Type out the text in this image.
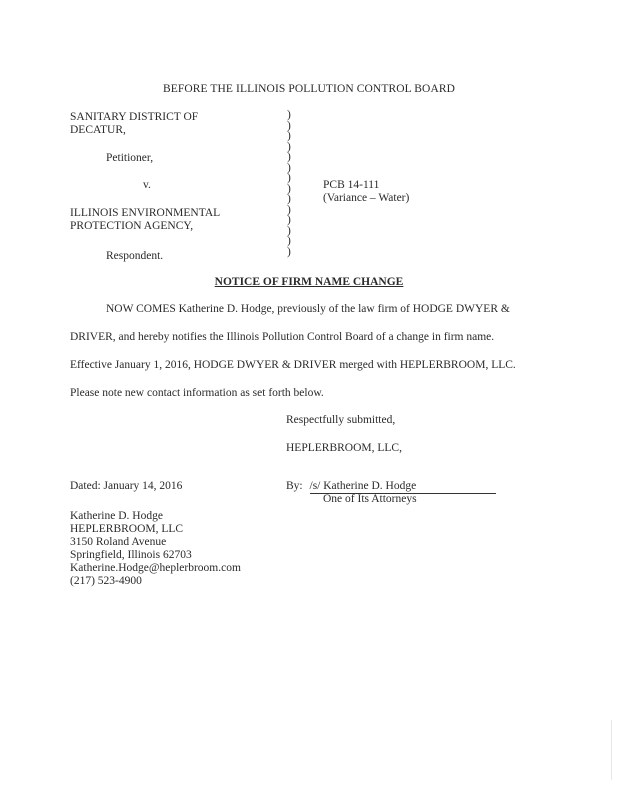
BEFORE THE ILLINOIS POLLUTION CONTROL BOARD
SANITARY DISTRICT OF
DECATUR,
Petitioner,
v.
ILLINOIS ENVIRONMENTAL
PROTECTION AGENCY,
Respondent.
)
)
)
)
)
)
)
)
)
)
)
)
)
)
PCB 14-111
(Variance – Water)
NOTICE OF FIRM NAME CHANGE
NOW COMES Katherine D. Hodge, previously of the law firm of HODGE DWYER &
DRIVER, and hereby notifies the Illinois Pollution Control Board of a change in firm name.
Effective January 1, 2016, HODGE DWYER & DRIVER merged with HEPLERBROOM, LLC.
Please note new contact information as set forth below.
Respectfully submitted,
HEPLERBROOM, LLC,
Dated: January 14, 2016	By: /s/ Katherine D. Hodge
One of Its Attorneys
Katherine D. Hodge
HEPLERBROOM, LLC
3150 Roland Avenue
Springfield, Illinois 62703
Katherine.Hodge@heplerbroom.com
(217) 523-4900
